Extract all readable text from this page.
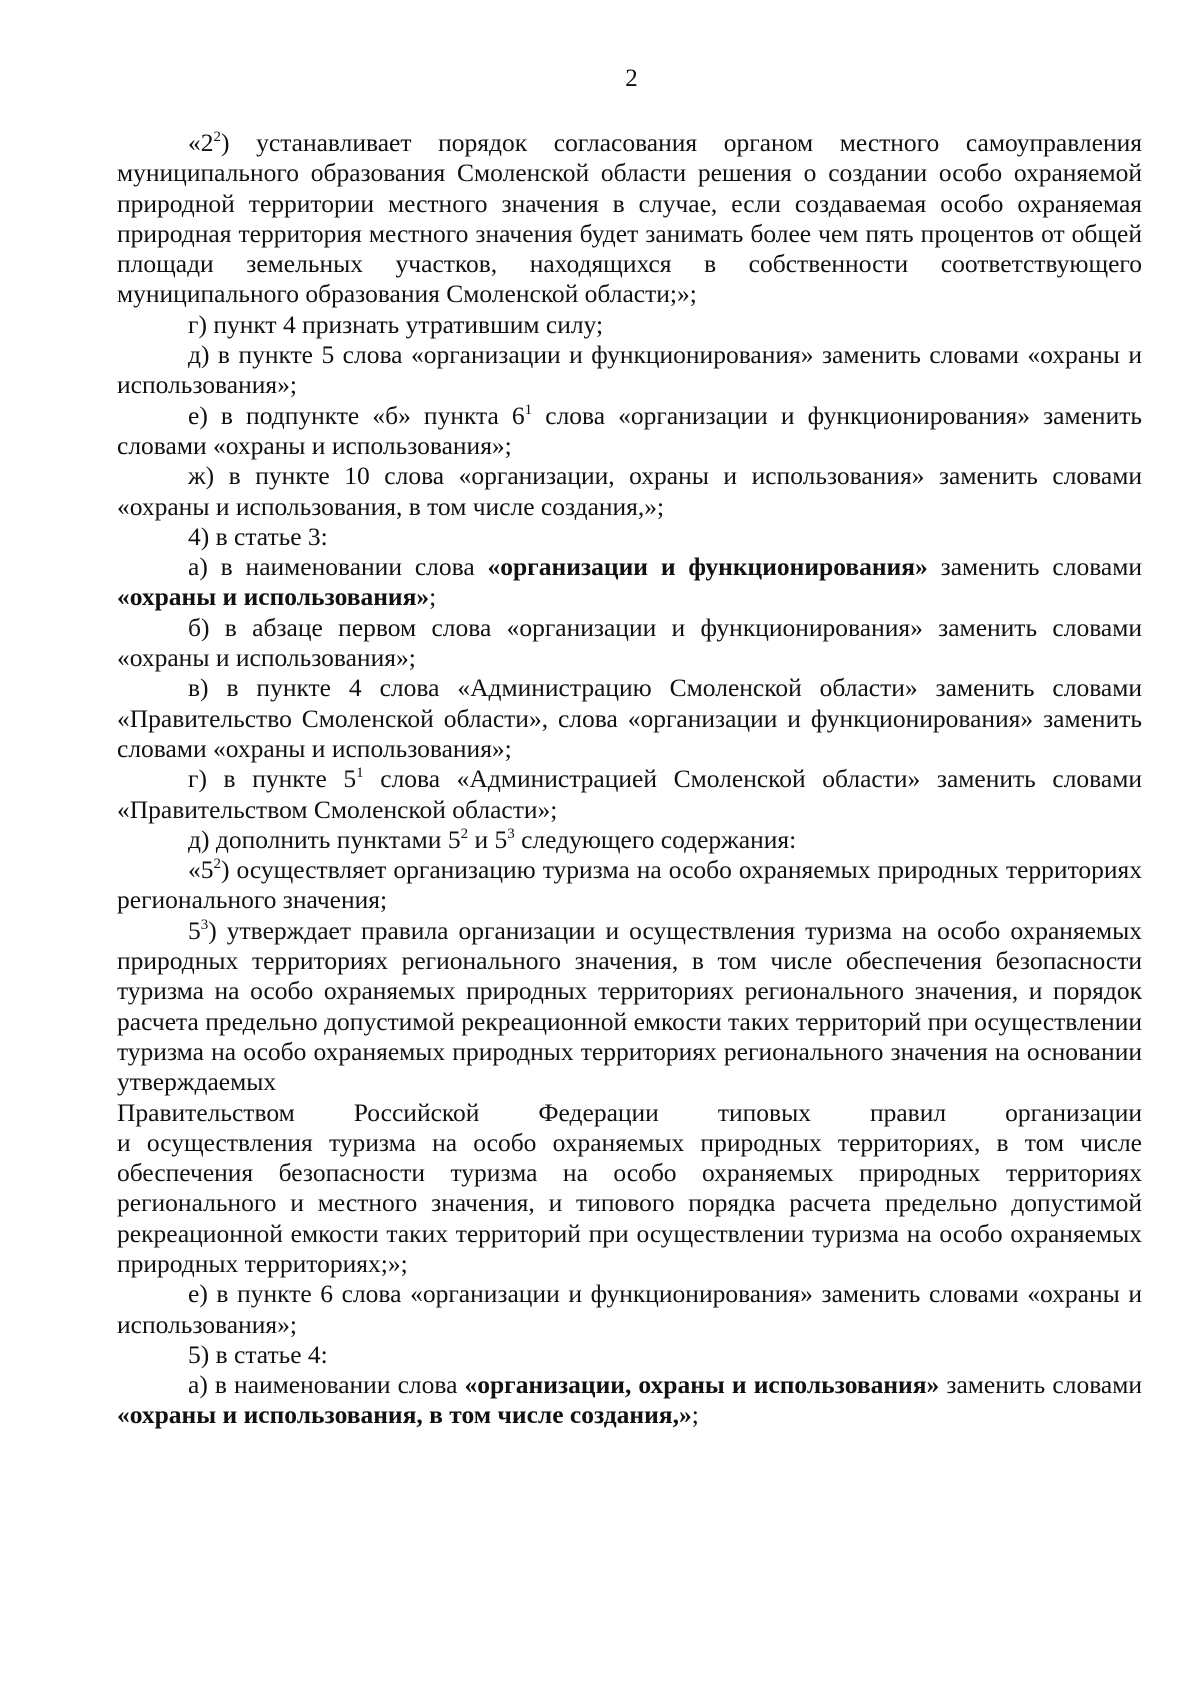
2

«$2^2$) устанавливает порядок согласования органом местного самоуправления муниципального образования Смоленской области решения о создании особо охраняемой природной территории местного значения в случае, если создаваемая особо охраняемая природная территория местного значения будет занимать более чем пять процентов от общей площади земельных участков, находящихся в собственности соответствующего муниципального образования Смоленской области;»;

г) пункт 4 признать утратившим силу;

д) в пункте 5 слова «организации и функционирования» заменить словами «охраны и использования»;

е) в подпункте «б» пункта $6^1$ слова «организации и функционирования» заменить словами «охраны и использования»;

ж) в пункте 10 слова «организации, охраны и использования» заменить словами «охраны и использования, в том числе создания,»;

4) в статье 3:

а) в наименовании слова «организации и функционирования» заменить словами «охраны и использования»;

б) в абзаце первом слова «организации и функционирования» заменить словами «охраны и использования»;

в) в пункте 4 слова «Администрацию Смоленской области» заменить словами «Правительство Смоленской области», слова «организации и функционирования» заменить словами «охраны и использования»;

г) в пункте $5^1$ слова «Администрацией Смоленской области» заменить словами «Правительством Смоленской области»;

д) дополнить пунктами $5^2$ и $5^3$ следующего содержания:

«$5^2$) осуществляет организацию туризма на особо охраняемых природных территориях регионального значения;

$5^3$) утверждает правила организации и осуществления туризма на особо охраняемых природных территориях регионального значения, в том числе обеспечения безопасности туризма на особо охраняемых природных территориях регионального значения, и порядок расчета предельно допустимой рекреационной емкости таких территорий при осуществлении туризма на особо охраняемых природных территориях регионального значения на основании утверждаемых

Правительством Российской Федерации типовых правил организации

и осуществления туризма на особо охраняемых природных территориях, в том числе обеспечения безопасности туризма на особо охраняемых природных территориях регионального и местного значения, и типового порядка расчета предельно допустимой рекреационной емкости таких территорий при осуществлении туризма на особо охраняемых природных территориях;»;

е) в пункте 6 слова «организации и функционирования» заменить словами «охраны и использования»;

5) в статье 4:

а) в наименовании слова «организации, охраны и использования» заменить словами «охраны и использования, в том числе создания,»;
